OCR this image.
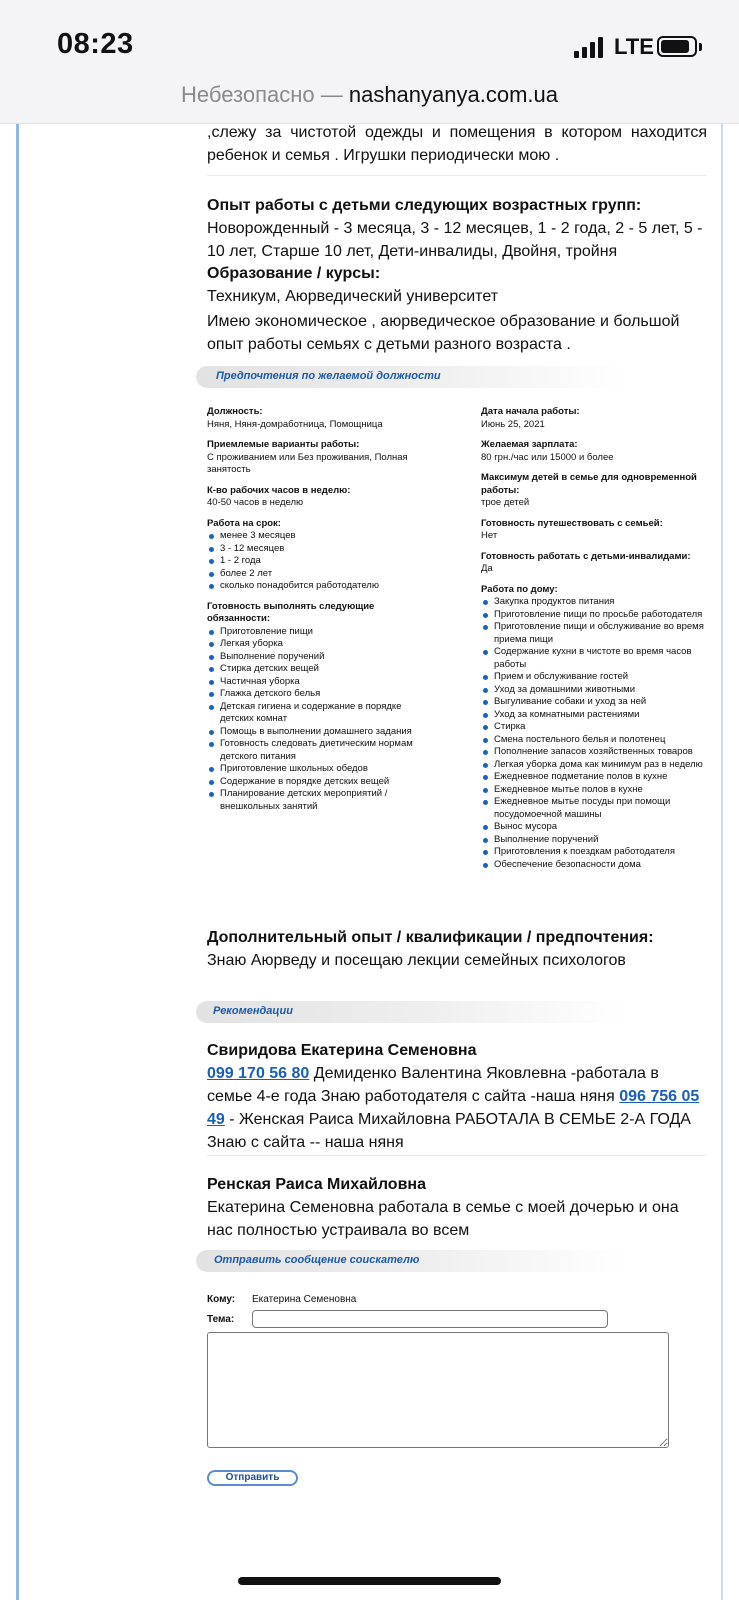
08:23	LTE
Небезопасно — nashanyanya.com.ua
,слежу за чистотой одежды и помещения в котором находится ребенок и семья . Игрушки периодически мою .
Опыт работы с детьми следующих возрастных групп:
Новорожденный - 3 месяца, 3 - 12 месяцев, 1 - 2 года, 2 - 5 лет, 5 - 10 лет, Старше 10 лет, Дети-инвалиды, Двойня, тройня
Образование / курсы:
Техникум, Аюрведический университет
Имею экономическое , аюрведическое образование и большой опыт работы семьях с детьми разного возраста .
Предпочтения по желаемой должности
Должность:
Няня, Няня-домработница, Помощница
Приемлемые варианты работы:
С проживанием или Без проживания, Полная занятость
К-во рабочих часов в неделю:
40-50 часов в неделю
Работа на срок:
менее 3 месяцев
3 - 12 месяцев
1 - 2 года
более 2 лет
сколько понадобится работодателю
Готовность выполнять следующие обязанности:
Приготовление пищи
Легкая уборка
Выполнение поручений
Стирка детских вещей
Частичная уборка
Глажка детского белья
Детская гигиена и содержание в порядке детских комнат
Помощь в выполнении домашнего задания
Готовность следовать диетическим нормам детского питания
Приготовление школьных обедов
Содержание в порядке детских вещей
Планирование детских мероприятий / внешкольных занятий
Дата начала работы:
Июнь 25, 2021
Желаемая зарплата:
80 грн./час или 15000 и более
Максимум детей в семье для одновременной работы:
трое детей
Готовность путешествовать с семьей:
Нет
Готовность работать с детьми-инвалидами:
Да
Работа по дому:
Закупка продуктов питания
Приготовление пищи по просьбе работодателя
Приготовление пищи и обслуживание во время приема пищи
Содержание кухни в чистоте во время часов работы
Прием и обслуживание гостей
Уход за домашними животными
Выгуливание собаки и уход за ней
Уход за комнатными растениями
Стирка
Смена постельного белья и полотенец
Пополнение запасов хозяйственных товаров
Легкая уборка дома как минимум раз в неделю
Ежедневное подметание полов в кухне
Ежедневное мытье полов в кухне
Ежедневное мытье посуды при помощи посудомоечной машины
Вынос мусора
Выполнение поручений
Приготовления к поездкам работодателя
Обеспечение безопасности дома
Дополнительный опыт / квалификации / предпочтения:
Знаю Аюрведу и посещаю лекции семейных психологов
Рекомендации
Свиридова Екатерина Семеновна
099 170 56 80 Демиденко Валентина Яковлевна -работала в семье 4-е года Знаю работодателя с сайта -наша няня 096 756 05 49 - Женская Раиса Михайловна РАБОТАЛА В СЕМЬЕ 2-А ГОДА Знаю с сайта -- наша няня
Ренская Раиса Михайловна
Екатерина Семеновна работала в семье с моей дочерью и она нас полностью устраивала во всем
Отправить сообщение соискателю
Кому: Екатерина Семеновна
Тема:
Отправить
